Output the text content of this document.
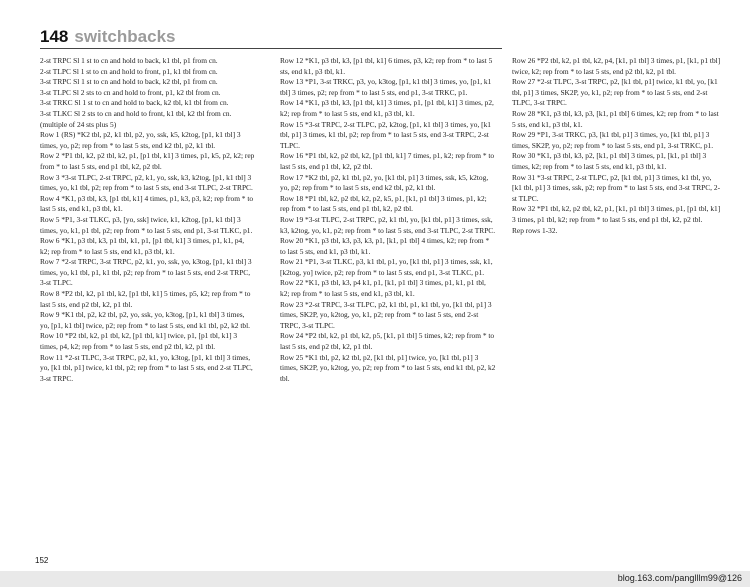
148 switchbacks

2-st TRPC Sl 1 st to cn and hold to back, k1 tbl, p1 from cn.

2-st TLPC Sl 1 st to cn and hold to front, p1, k1 tbl from cn.

3-st TRPC Sl 1 st to cn and hold to back, k2 tbl, p1 from cn.

3-st TLPC Sl 2 sts to cn and hold to front, p1, k2 tbl from cn.

3-st TRKC Sl 1 st to cn and hold to back, k2 tbl, k1 tbl from cn.

3-st TLKC Sl 2 sts to cn and hold to front, k1 tbl, k2 tbl from cn.

(multiple of 24 sts plus 5)

Row 1 (RS) *K2 tbl, p2, k1 tbl, p2, yo, ssk, k5, k2tog, [p1, k1 tbl] 3 times, yo, p2; rep from * to last 5 sts, end k2 tbl, p2, k1 tbl.

Row 2 *P1 tbl, k2, p2 tbl, k2, p1, [p1 tbl, k1] 3 times, p1, k5, p2, k2; rep from * to last 5 sts, end p1 tbl, k2, p2 tbl.

Row 3 *3-st TLPC, 2-st TRPC, p2, k1, yo, ssk, k3, k2tog, [p1, k1 tbl] 3 times, yo, k1 tbl, p2; rep from * to last 5 sts, end 3-st TLPC, 2-st TRPC.

Row 4 *K1, p3 tbl, k3, [p1 tbl, k1] 4 times, p1, k3, p3, k2; rep from * to last 5 sts, end k1, p3 tbl, k1.

Row 5 *P1, 3-st TLKC, p3, [yo, ssk] twice, k1, k2tog, [p1, k1 tbl] 3 times, yo, k1, p1 tbl, p2; rep from * to last 5 sts, end p1, 3-st TLKC, p1.

Row 6 *K1, p3 tbl, k3, p1 tbl, k1, p1, [p1 tbl, k1] 3 times, p1, k1, p4, k2; rep from * to last 5 sts, end k1, p3 tbl, k1.

Row 7 *2-st TRPC, 3-st TRPC, p2, k1, yo, ssk, yo, k3tog, [p1, k1 tbl] 3 times, yo, k1 tbl, p1, k1 tbl, p2; rep from * to last 5 sts, end 2-st TRPC, 3-st TLPC.

Row 8 *P2 tbl, k2, p1 tbl, k2, [p1 tbl, k1] 5 times, p5, k2; rep from * to last 5 sts, end p2 tbl, k2, p1 tbl.

Row 9 *K1 tbl, p2, k2 tbl, p2, yo, ssk, yo, k3tog, [p1, k1 tbl] 3 times, yo, [p1, k1 tbl] twice, p2; rep from * to last 5 sts, end k1 tbl, p2, k2 tbl.

Row 10 *P2 tbl, k2, p1 tbl, k2, [p1 tbl, k1] twice, p1, [p1 tbl, k1] 3 times, p4, k2; rep from * to last 5 sts, end p2 tbl, k2, p1 tbl.

Row 11 *2-st TLPC, 3-st TRPC, p2, k1, yo, k3tog, [p1, k1 tbl] 3 times, yo, [k1 tbl, p1] twice, k1 tbl, p2; rep from * to last 5 sts, end 2-st TLPC, 3-st TRPC.

Row 12 *K1, p3 tbl, k3, [p1 tbl, k1] 6 times, p3, k2; rep from * to last 5 sts, end k1, p3 tbl, k1.

Row 13 *P1, 3-st TRKC, p3, yo, k3tog, [p1, k1 tbl] 3 times, yo, [p1, k1 tbl] 3 times, p2; rep from * to last 5 sts, end p1, 3-st TRKC, p1.

Row 14 *K1, p3 tbl, k3, [p1 tbl, k1] 3 times, p1, [p1 tbl, k1] 3 times, p2, k2; rep from * to last 5 sts, end k1, p3 tbl, k1.

Row 15 *3-st TRPC, 2-st TLPC, p2, k2tog, [p1, k1 tbl] 3 times, yo, [k1 tbl, p1] 3 times, k1 tbl, p2; rep from * to last 5 sts, end 3-st TRPC, 2-st TLPC.

Row 16 *P1 tbl, k2, p2 tbl, k2, [p1 tbl, k1] 7 times, p1, k2; rep from * to last 5 sts, end p1 tbl, k2, p2 tbl.

Row 17 *K2 tbl, p2, k1 tbl, p2, yo, [k1 tbl, p1] 3 times, ssk, k5, k2tog, yo, p2; rep from * to last 5 sts, end k2 tbl, p2, k1 tbl.

Row 18 *P1 tbl, k2, p2 tbl, k2, p2, k5, p1, [k1, p1 tbl] 3 times, p1, k2; rep from * to last 5 sts, end p1 tbl, k2, p2 tbl.

Row 19 *3-st TLPC, 2-st TRPC, p2, k1 tbl, yo, [k1 tbl, p1] 3 times, ssk, k3, k2tog, yo, k1, p2; rep from * to last 5 sts, end 3-st TLPC, 2-st TRPC.

Row 20 *K1, p3 tbl, k3, p3, k3, p1, [k1, p1 tbl] 4 times, k2; rep from * to last 5 sts, end k1, p3 tbl, k1.

Row 21 *P1, 3-st TLKC, p3, k1 tbl, p1, yo, [k1 tbl, p1] 3 times, ssk, k1, [k2tog, yo] twice, p2; rep from * to last 5 sts, end p1, 3-st TLKC, p1.

Row 22 *K1, p3 tbl, k3, p4 k1, p1, [k1, p1 tbl] 3 times, p1, k1, p1 tbl, k2; rep from * to last 5 sts, end k1, p3 tbl, k1.

Row 23 *2-st TRPC, 3-st TLPC, p2, k1 tbl, p1, k1 tbl, yo, [k1 tbl, p1] 3 times, SK2P, yo, k2tog, yo, k1, p2; rep from * to last 5 sts, end 2-st TRPC, 3-st TLPC.

Row 24 *P2 tbl, k2, p1 tbl, k2, p5, [k1, p1 tbl] 5 times, k2; rep from * to last 5 sts, end p2 tbl, k2, p1 tbl.

Row 25 *K1 tbl, p2, k2 tbl, p2, [k1 tbl, p1] twice, yo, [k1 tbl, p1] 3 times, SK2P, yo, k2tog, yo, p2; rep from * to last 5 sts, end k1 tbl, p2, k2 tbl.

Row 26 *P2 tbl, k2, p1 tbl, k2, p4, [k1, p1 tbl] 3 times, p1, [k1, p1 tbl] twice, k2; rep from * to last 5 sts, end p2 tbl, k2, p1 tbl.

Row 27 *2-st TLPC, 3-st TRPC, p2, [k1 tbl, p1] twice, k1 tbl, yo, [k1 tbl, p1] 3 times, SK2P, yo, k1, p2; rep from * to last 5 sts, end 2-st TLPC, 3-st TRPC.

Row 28 *K1, p3 tbl, k3, p3, [k1, p1 tbl] 6 times, k2; rep from * to last 5 sts, end k1, p3 tbl, k1.

Row 29 *P1, 3-st TRKC, p3, [k1 tbl, p1] 3 times, yo, [k1 tbl, p1] 3 times, SK2P, yo, p2; rep from * to last 5 sts, end p1, 3-st TRKC, p1.

Row 30 *K1, p3 tbl, k3, p2, [k1, p1 tbl] 3 times, p1, [k1, p1 tbl] 3 times, k2; rep from * to last 5 sts, end k1, p3 tbl, k1.

Row 31 *3-st TRPC, 2-st TLPC, p2, [k1 tbl, p1] 3 times, k1 tbl, yo, [k1 tbl, p1] 3 times, ssk, p2; rep from * to last 5 sts, end 3-st TRPC, 2-st TLPC.

Row 32 *P1 tbl, k2, p2 tbl, k2, p1, [k1, p1 tbl] 3 times, p1, [p1 tbl, k1] 3 times, p1 tbl, k2; rep from * to last 5 sts, end p1 tbl, k2, p2 tbl.

Rep rows 1-32.

152
blog.163.com/panglllm99@126
